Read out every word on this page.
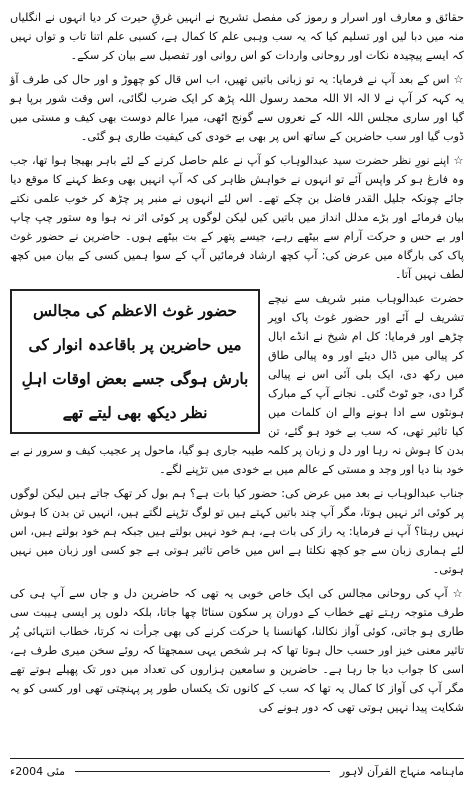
حقائق و معارف اور اسرار و رموز کی مفصل تشریح نے انہیں غرقِ حیرت کر دیا انہوں نے انگلیاں منہ میں دبا لیں اور تسلیم کیا کہ یہ سب وہبی علم کا کمال ہے، کسبی علم اتنا تاب و تواں نہیں کہ ایسے پیچیدہ نکات اور روحانی واردات کو اس روانی اور تفصیل سے بیان کر سکے۔

☆ اس کے بعد آپ نے فرمایا: یہ تو زبانی باتیں تھیں، اب اس قال کو چھوڑ و اور حال کی طرف آؤ یہ کہہ کر آپ نے لا الہ الا اللہ محمد رسول اللہ پڑھ کر ایک ضرب لگائی، اس وقت شور برپا ہو گیا اور ساری مجلس اللہ اللہ کے نعروں سے گونج اٹھی، میرا عالم دوست بھی کیف و مستی میں ڈوب گیا اور سب حاضرین کے ساتھ اس پر بھی بے خودی کی کیفیت طاری ہو گئی۔

☆ اپنے نورِ نظر حضرت سید عبدالوہاب کو آپ نے علم حاصل کرنے کے لئے باہر بھیجا ہوا تھا، جب وہ فارغ ہو کر واپس آئے تو انہوں نے خواہش ظاہر کی کہ آپ انہیں بھی وعظ کہنے کا موقع دیا جائے چونکہ جلیل القدر فاضل بن چکے تھے۔ اس لئے انہوں نے منبر پر چڑھ کر خوب علمی نکتے بیان فرمائے اور بڑے مدلل انداز میں باتیں کیں لیکن لوگوں پر کوئی اثر نہ ہوا وہ ستور چپ چاپ اور بے حس و حرکت آرام سے بیٹھے رہے، جیسے پتھر کے بت بیٹھے ہوں۔ حاضرین نے حضور غوث پاک کی بارگاہ میں عرض کی: آپ کچھ ارشاد فرمائیں آپ کے سوا ہمیں کسی کے بیان میں کچھ لطف نہیں آتا۔

حضور غوث الاعظم کی مجالس میں حاضرین پر باقاعدہ انوار کی بارش ہوگی جسے بعض اوقات اہلِ نظر دیکھ بھی لیتے تھے

حضرت عبدالوہاب منبر شریف سے نیچے تشریف لے آئے اور حضور غوث پاک اوپر چڑھے اور فرمایا: کل ام شیخ نے انڈے ابال کر پیالی میں ڈال دیئے اور وہ پیالی طاق میں رکھ دی، ایک بلی آئی اس نے پیالی گرا دی، جو ٹوٹ گئی۔ نجانے آپ کے مبارک ہونٹوں سے ادا ہونے والے ان کلمات میں کیا تاثیر تھی، کہ سب بے خود ہو گئے، تن بدن کا ہوش نہ رہا اور دل و زبان پر کلمہ طیبہ جاری ہو گیا، ماحول پر عجیب کیف و سرور نے بے خود بنا دیا اور وجد و مستی کے عالم میں بے خودی میں تڑپنے لگے۔

جناب عبدالوہاب نے بعد میں عرض کی: حضور کیا بات ہے؟ ہم بول کر تھک جاتے ہیں لیکن لوگوں پر کوئی اثر نہیں ہوتا، مگر آپ چند باتیں کہتے ہیں تو لوگ تڑپنے لگتے ہیں، انہیں تن بدن کا ہوش نہیں رہتا؟ آپ نے فرمایا: یہ راز کی بات ہے، ہم خود نہیں بولتے ہیں جبکہ ہم خود بولتے ہیں، اس لئے ہماری زبان سے جو کچھ نکلتا ہے اس میں خاص تاثیر ہوتی ہے جو کسی اور زبان میں نہیں ہوتی۔

☆ آپ کی روحانی مجالس کی ایک خاص خوبی یہ تھی کہ حاضرین دل و جاں سے آپ ہی کی طرف متوجہ رہتے تھے خطاب کے دوران پر سکون سناٹا چھا جاتا، بلکہ دلوں پر ایسی ہیبت سی طاری ہو جاتی، کوئی آواز نکالنا، کھانسنا یا حرکت کرنے کی بھی جرأت نہ کرتا، خطاب انتہائی پُر تاثیر معنی خیز اور حسب حال ہوتا تھا کہ ہر شخص یہی سمجھتا کہ روئے سخن میری طرف ہے، اسی کا جواب دیا جا رہا ہے۔ حاضرین و سامعین ہزاروں کی تعداد میں دور تک پھیلے ہوتے تھے مگر آپ کی آواز کا کمال یہ تھا کہ سب کے کانوں تک یکساں طور پر پہنچتی تھی اور کسی کو یہ شکایت پیدا نہیں ہوتی تھی کہ دور ہونے کی

مئی 2004ء	ماہنامہ منہاج القرآن لاہور
